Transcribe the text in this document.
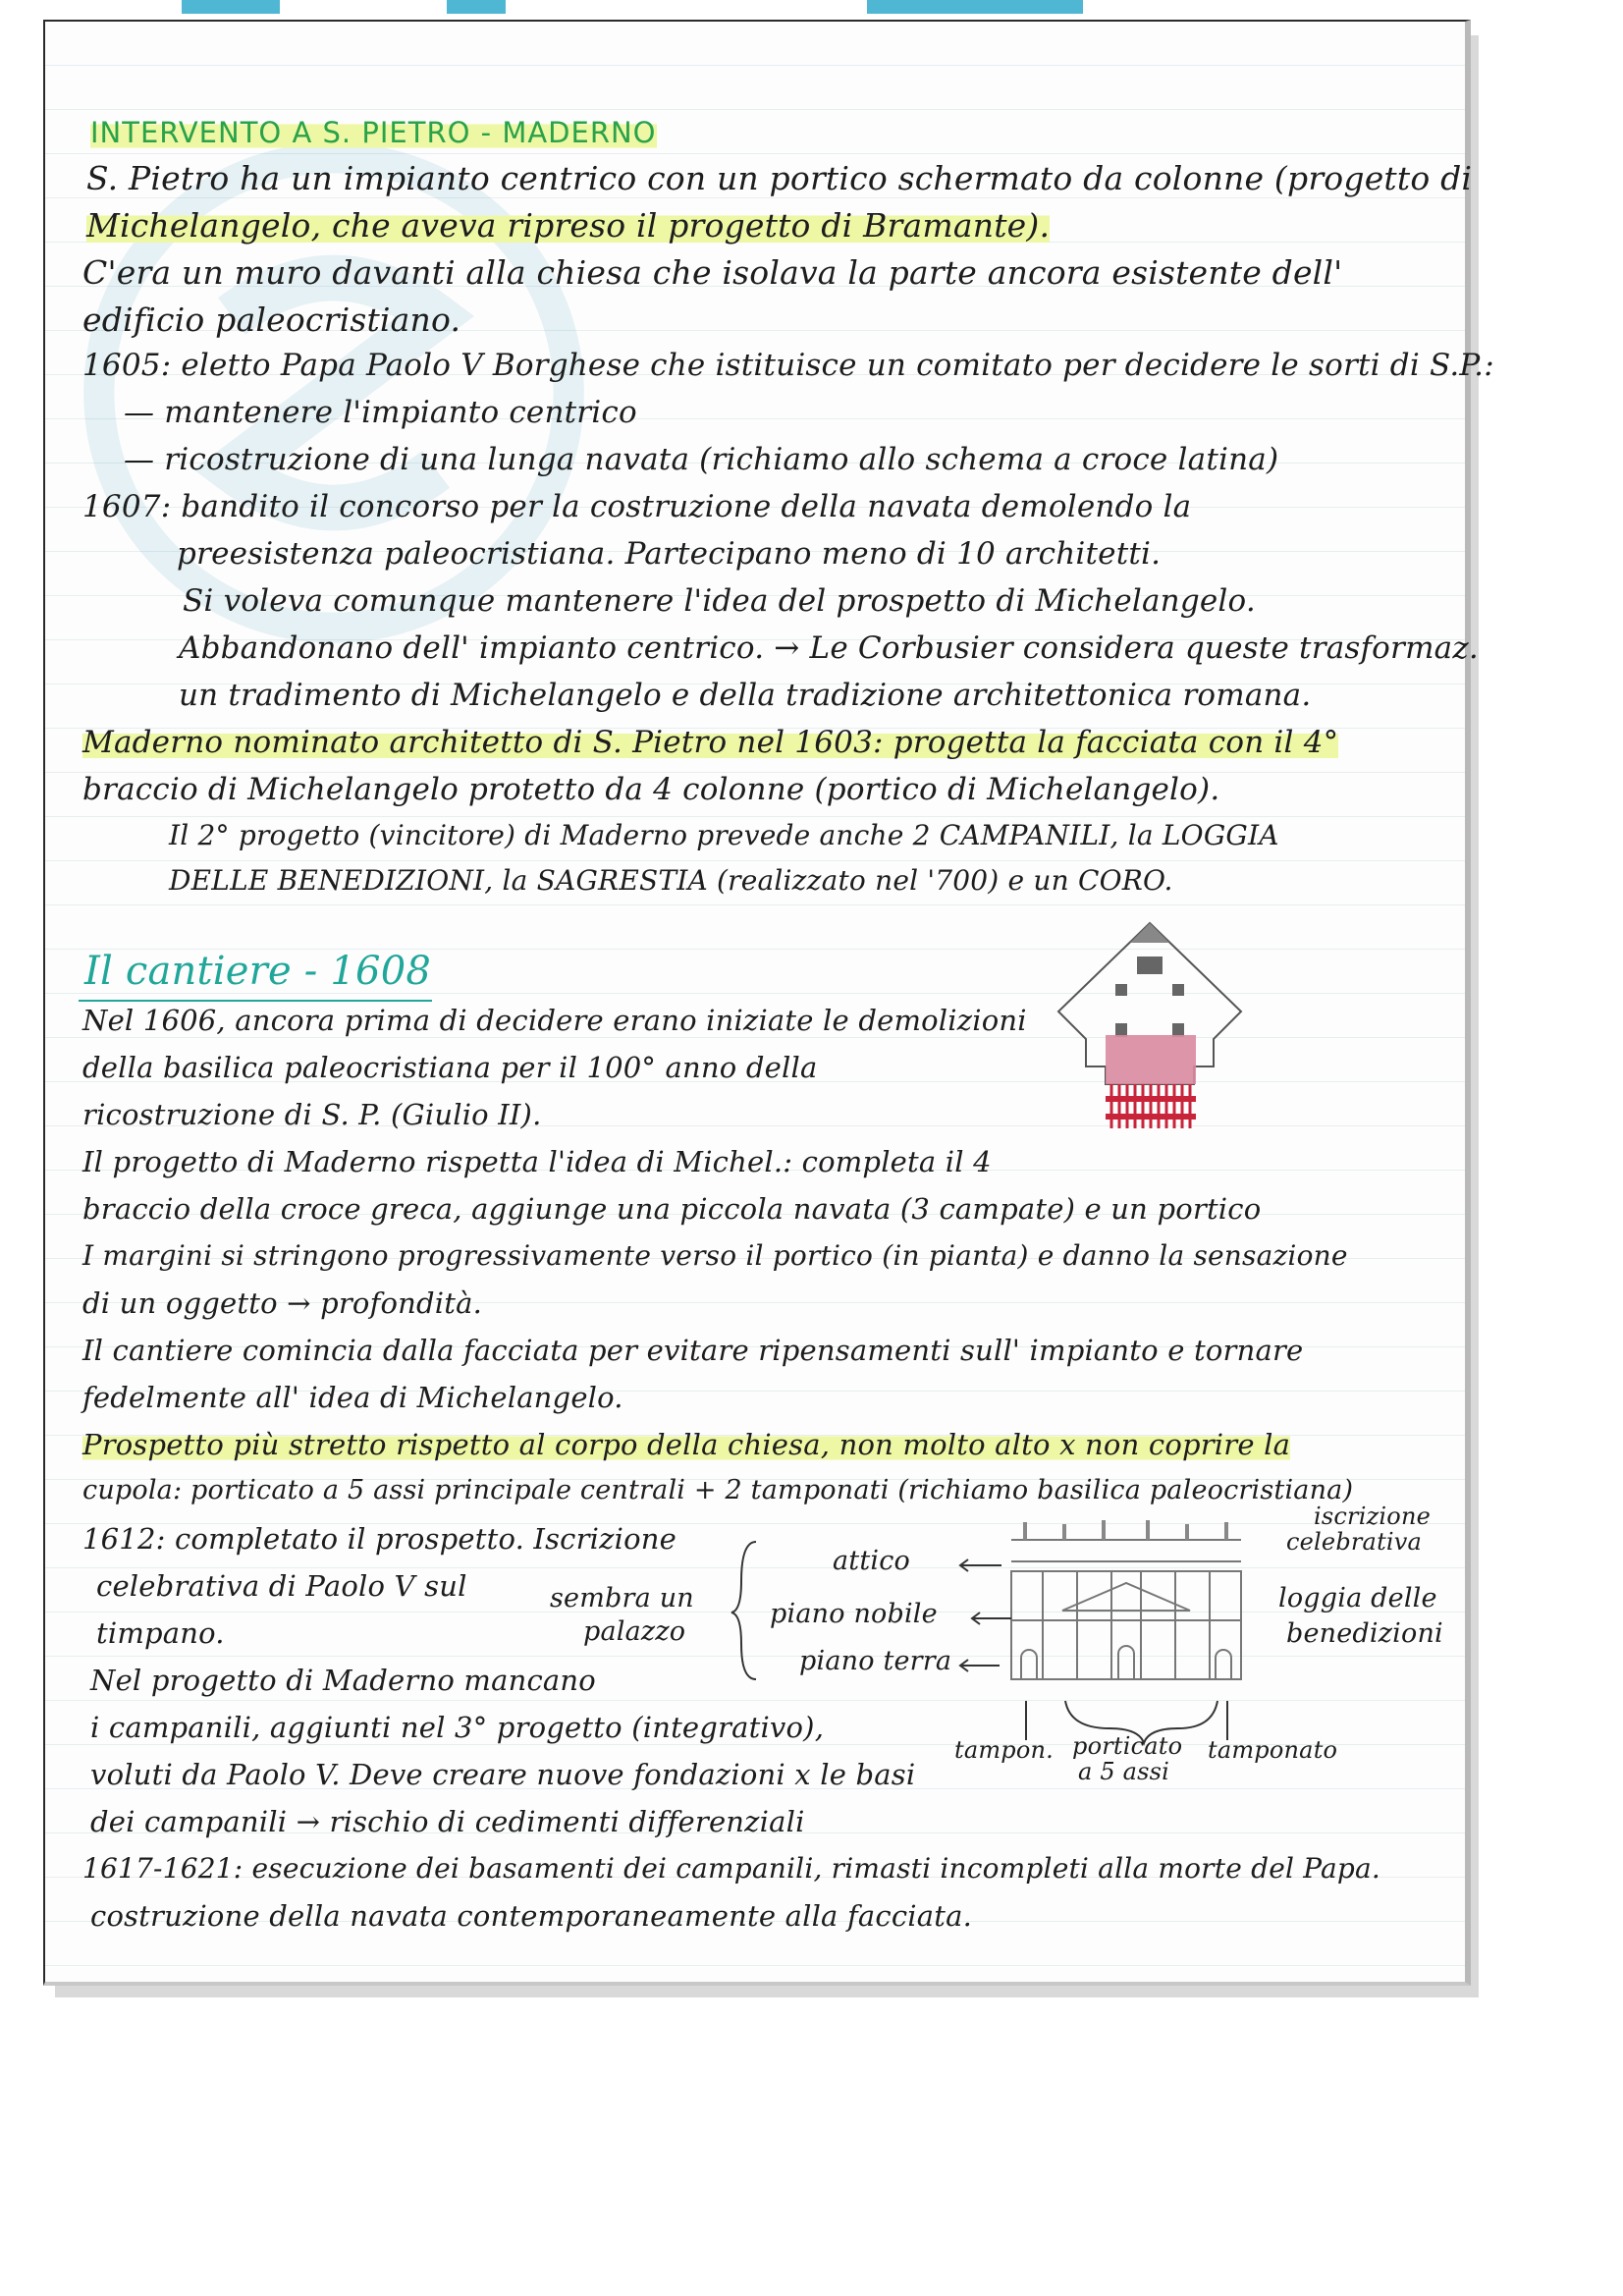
INTERVENTO A S. PIETRO - MADERNO
S. Pietro ha un impianto centrico con un portico schermato da colonne (progetto di
Michelangelo, che aveva ripreso il progetto di Bramante).
C'era un muro davanti alla chiesa che isolava la parte ancora esistente dell'
edificio paleocristiano.
1605: eletto Papa Paolo V Borghese che istituisce un comitato per decidere le sorti di S.P.:
— mantenere l'impianto centrico
— ricostruzione di una lunga navata (richiamo allo schema a croce latina)
1607: bandito il concorso per la costruzione della navata demolendo la
preesistenza paleocristiana. Partecipano meno di 10 architetti.
Si voleva comunque mantenere l'idea del prospetto di Michelangelo.
Abbandonano dell' impianto centrico. → Le Corbusier considera queste trasformaz.
un tradimento di Michelangelo e della tradizione architettonica romana.
Maderno nominato architetto di S. Pietro nel 1603: progetta la facciata con il 4°
braccio di Michelangelo protetto da 4 colonne (portico di Michelangelo).
Il 2° progetto (vincitore) di Maderno prevede anche 2 CAMPANILI, la LOGGIA
DELLE BENEDIZIONI, la SAGRESTIA (realizzato nel '700) e un CORO.
Il cantiere - 1608
Nel 1606, ancora prima di decidere erano iniziate le demolizioni
della basilica paleocristiana per il 100° anno della
ricostruzione di S. P. (Giulio II).
Il progetto di Maderno rispetta l'idea di Michel.: completa il 4
braccio della croce greca, aggiunge una piccola navata (3 campate) e un portico
I margini si stringono progressivamente verso il portico (in pianta) e danno la sensazione
di un oggetto → profondità.
Il cantiere comincia dalla facciata per evitare ripensamenti sull' impianto e tornare
fedelmente all' idea di Michelangelo.
Prospetto più stretto rispetto al corpo della chiesa, non molto alto x non coprire la
cupola: porticato a 5 assi principale centrali + 2 tamponati (richiamo basilica paleocristiana)
1612: completato il prospetto. Iscrizione
celebrativa di Paolo V sul
timpano.
Nel progetto di Maderno mancano
i campanili, aggiunti nel 3° progetto (integrativo),
voluti da Paolo V. Deve creare nuove fondazioni x le basi
dei campanili → rischio di cedimenti differenziali
1617-1621: esecuzione dei basamenti dei campanili, rimasti incompleti alla morte del Papa.
costruzione della navata contemporaneamente alla facciata.
sembra un
palazzo
attico
piano nobile
piano terra
iscrizione
celebrativa
loggia delle
benedizioni
tampon. porticato
a 5 assi
tamponato
